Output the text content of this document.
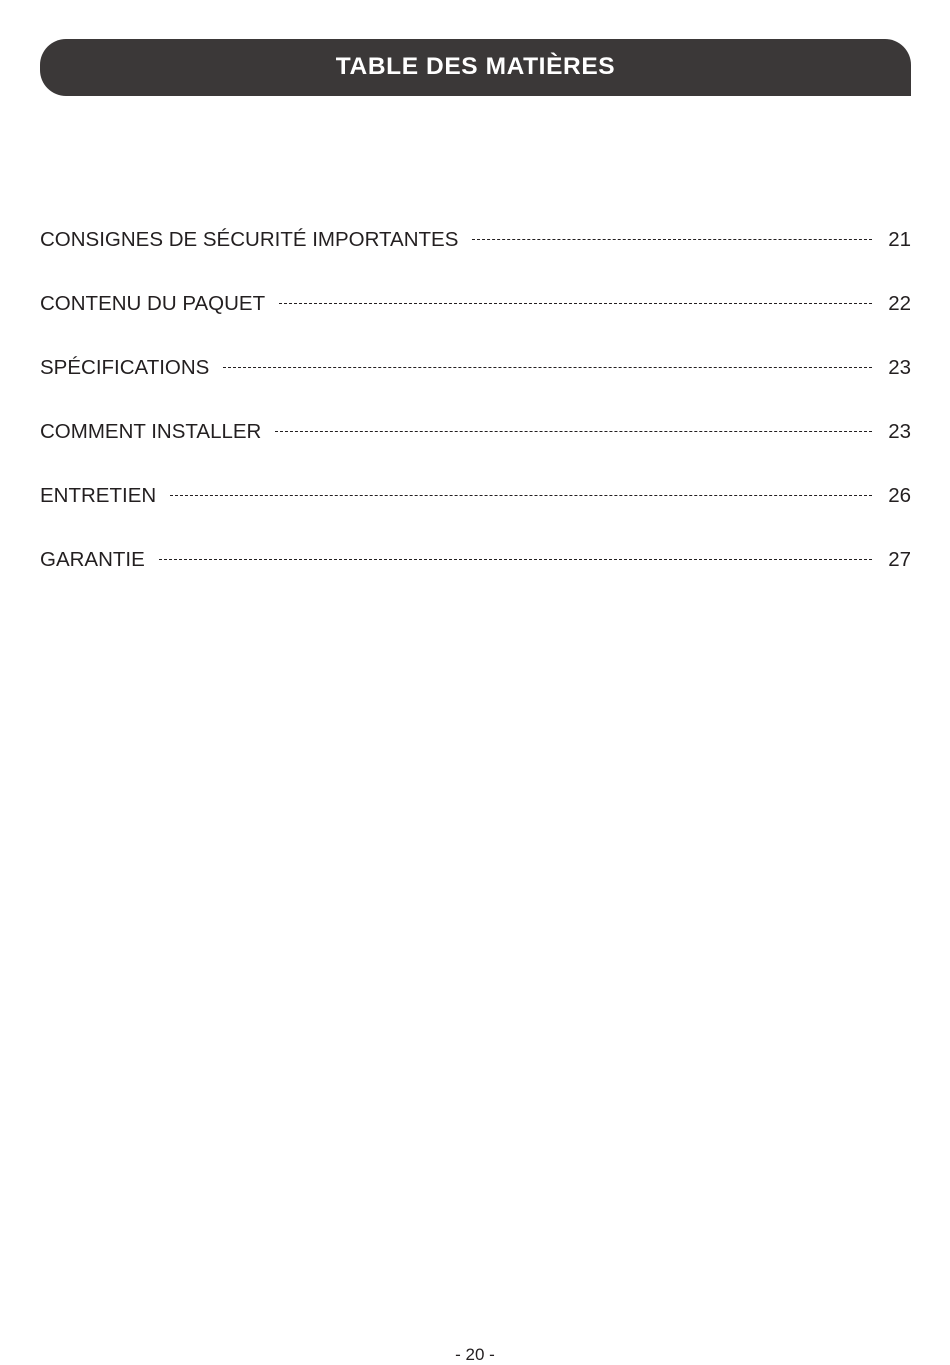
TABLE DES MATIÈRES
CONSIGNES DE SÉCURITÉ IMPORTANTES	21
CONTENU DU PAQUET	22
SPÉCIFICATIONS	23
COMMENT INSTALLER	23
ENTRETIEN	26
GARANTIE	27
- 20 -
